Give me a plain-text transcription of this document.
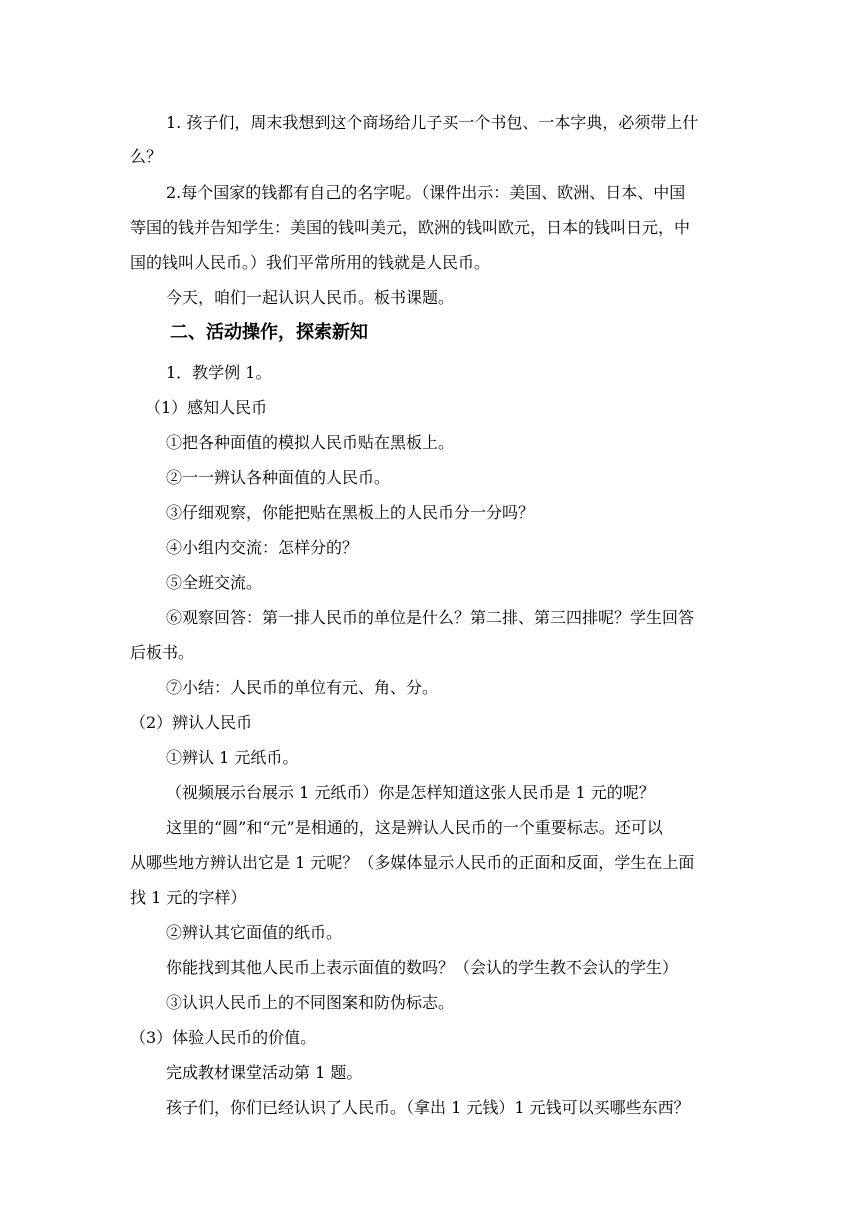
1. 孩子们，周末我想到这个商场给儿子买一个书包、一本字典，必须带上什
么？
2.每个国家的钱都有自己的名字呢。（课件出示：美国、欧洲、日本、中国
等国的钱并告知学生：美国的钱叫美元，欧洲的钱叫欧元，日本的钱叫日元，中
国的钱叫人民币。）我们平常所用的钱就是人民币。
今天，咱们一起认识人民币。板书课题。
二、活动操作，探索新知
1．教学例 1。
（1）感知人民币
①把各种面值的模拟人民币贴在黑板上。
②一一辨认各种面值的人民币。
③仔细观察，你能把贴在黑板上的人民币分一分吗？
④小组内交流：怎样分的？
⑤全班交流。
⑥观察回答：第一排人民币的单位是什么？第二排、第三四排呢？学生回答
后板书。
⑦小结：人民币的单位有元、角、分。
（2）辨认人民币
①辨认 1 元纸币。
（视频展示台展示 1 元纸币）你是怎样知道这张人民币是 1 元的呢？
这里的“圆”和“元”是相通的，这是辨认人民币的一个重要标志。还可以
从哪些地方辨认出它是 1 元呢？（多媒体显示人民币的正面和反面，学生在上面
找 1 元的字样）
②辨认其它面值的纸币。
你能找到其他人民币上表示面值的数吗？（会认的学生教不会认的学生）
③认识人民币上的不同图案和防伪标志。
（3）体验人民币的价值。
完成教材课堂活动第 1 题。
孩子们，你们已经认识了人民币。（拿出 1 元钱）1 元钱可以买哪些东西？
